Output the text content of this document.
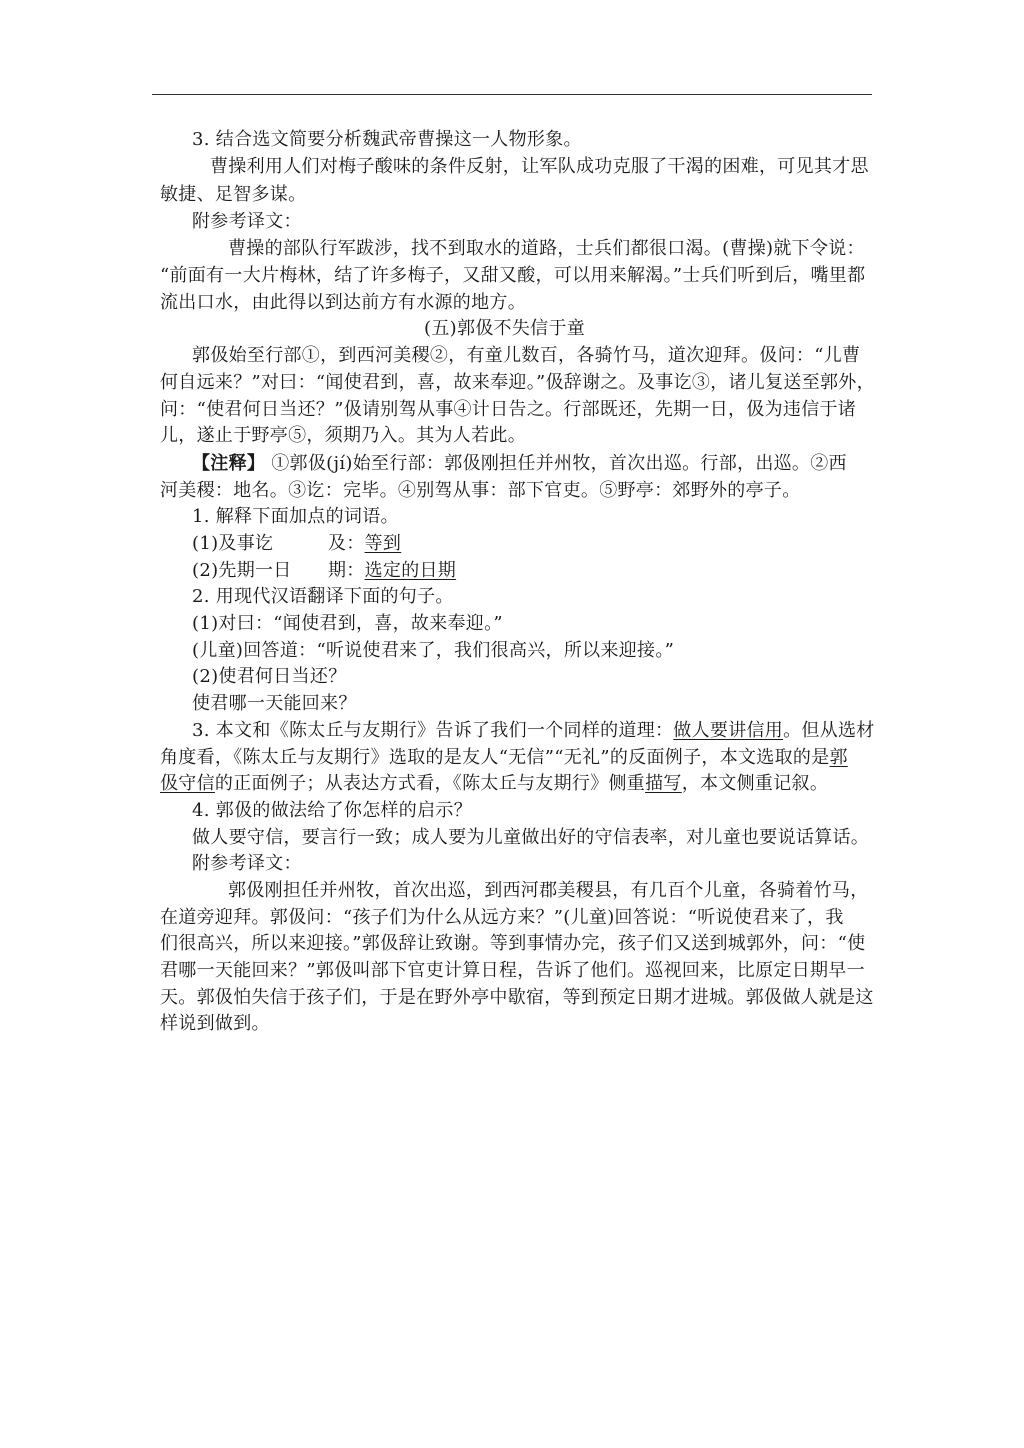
3. 结合选文简要分析魏武帝曹操这一人物形象。
曹操利用人们对梅子酸味的条件反射，让军队成功克服了干渴的困难，可见其才思
敏捷、足智多谋。
附参考译文：
曹操的部队行军跋涉，找不到取水的道路，士兵们都很口渴。(曹操)就下令说：
“前面有一大片梅林，结了许多梅子，又甜又酸，可以用来解渴。”士兵们听到后，嘴里都
流出口水，由此得以到达前方有水源的地方。
(五)郭伋不失信于童
郭伋始至行部①，到西河美稷②，有童儿数百，各骑竹马，道次迎拜。伋问：“儿曹
何自远来？”对曰：“闻使君到，喜，故来奉迎。”伋辞谢之。及事讫③，诸儿复送至郭外，
问：“使君何日当还？”伋请别驾从事④计日告之。行部既还，先期一日，伋为违信于诸
儿，遂止于野亭⑤，须期乃入。其为人若此。
【注释】 ①郭伋(jí)始至行部：郭伋刚担任并州牧，首次出巡。行部，出巡。②西
河美稷：地名。③讫：完毕。④别驾从事：部下官吏。⑤野亭：郊野外的亭子。
1. 解释下面加点的词语。
(1)及事讫	及：等到
(2)先期一日 期：选定的日期
2. 用现代汉语翻译下面的句子。
(1)对曰：“闻使君到，喜，故来奉迎。”
(儿童)回答道：“听说使君来了，我们很高兴，所以来迎接。”
(2)使君何日当还？
使君哪一天能回来？
3. 本文和《陈太丘与友期行》告诉了我们一个同样的道理：做人要讲信用。但从选材
角度看，《陈太丘与友期行》选取的是友人“无信”“无礼”的反面例子，本文选取的是郭
伋守信的正面例子；从表达方式看，《陈太丘与友期行》侧重描写，本文侧重记叙。
4. 郭伋的做法给了你怎样的启示？
做人要守信，要言行一致；成人要为儿童做出好的守信表率，对儿童也要说话算话。
附参考译文：
郭伋刚担任并州牧，首次出巡，到西河郡美稷县，有几百个儿童，各骑着竹马，
在道旁迎拜。郭伋问：“孩子们为什么从远方来？”(儿童)回答说：“听说使君来了，我
们很高兴，所以来迎接。”郭伋辞让致谢。等到事情办完，孩子们又送到城郭外，问：“使
君哪一天能回来？”郭伋叫部下官吏计算日程，告诉了他们。巡视回来，比原定日期早一
天。郭伋怕失信于孩子们，于是在野外亭中歇宿，等到预定日期才进城。郭伋做人就是这
样说到做到。
